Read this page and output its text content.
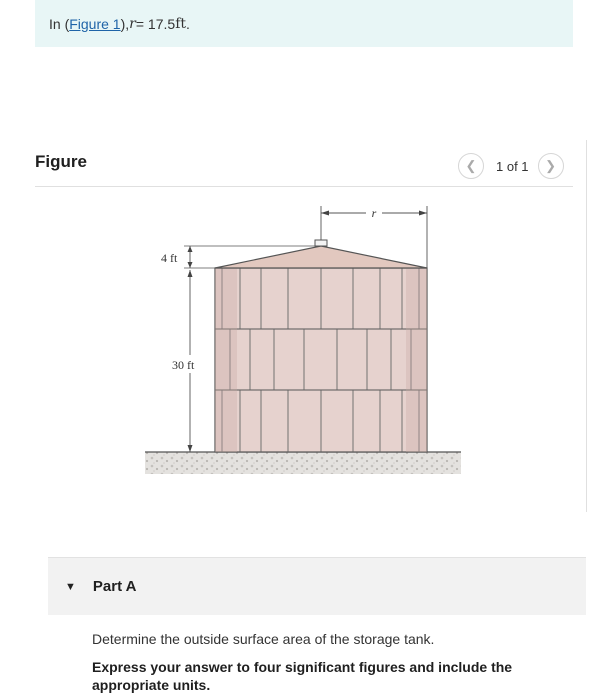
In ( Figure 1 ), r = 17.5 ft .
Figure	❮	1 of 1	❯
r
4 ft
30 ft
▼ Part A
Determine the outside surface area of the storage tank.
Express your answer to four significant figures and include the appropriate units.
